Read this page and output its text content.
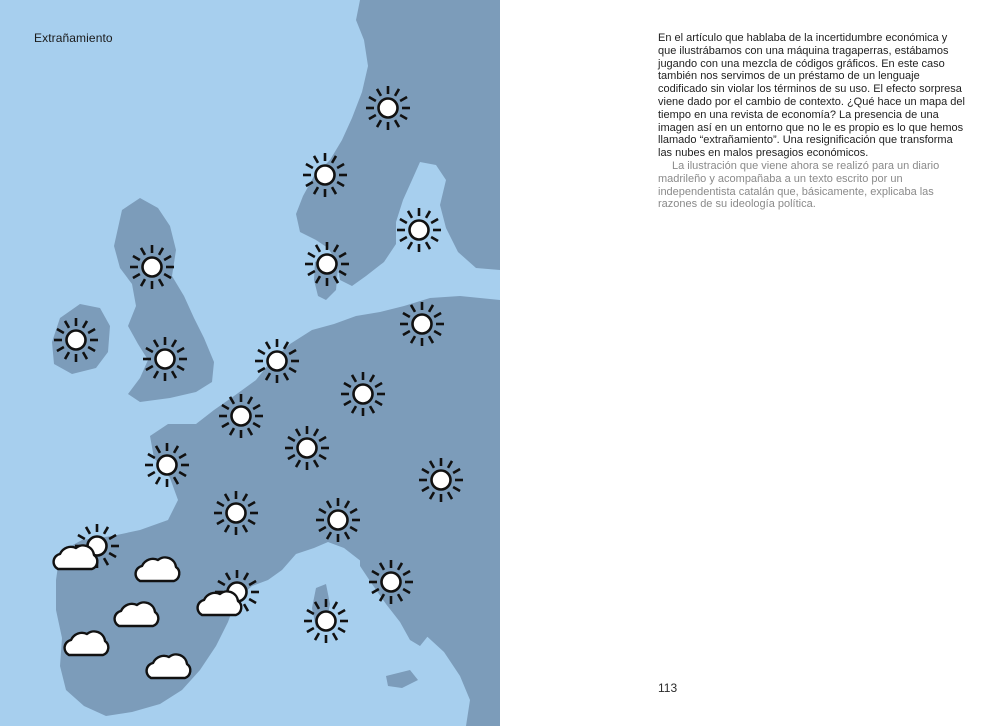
Extrañamiento	En el artículo que hablaba de la incertidumbre económica y que ilustrábamos con una máquina tragaperras, estábamos jugando con una mezcla de códigos gráficos. En este caso también nos servimos de un préstamo de un lenguaje codificado sin violar los términos de su uso. El efecto sorpresa viene dado por el cambio de contexto. ¿Qué hace un mapa del tiempo en una revista de economía? La presencia de una imagen así en un entorno que no le es propio es lo que hemos llamado “extrañamiento”. Una resignificación que transforma las nubes en malos presagios económicos.

La ilustración que viene ahora se realizó para un diario madrileño y acompañaba a un texto escrito por un independentista catalán que, básicamente, explicaba las razones de su ideología política.

113
